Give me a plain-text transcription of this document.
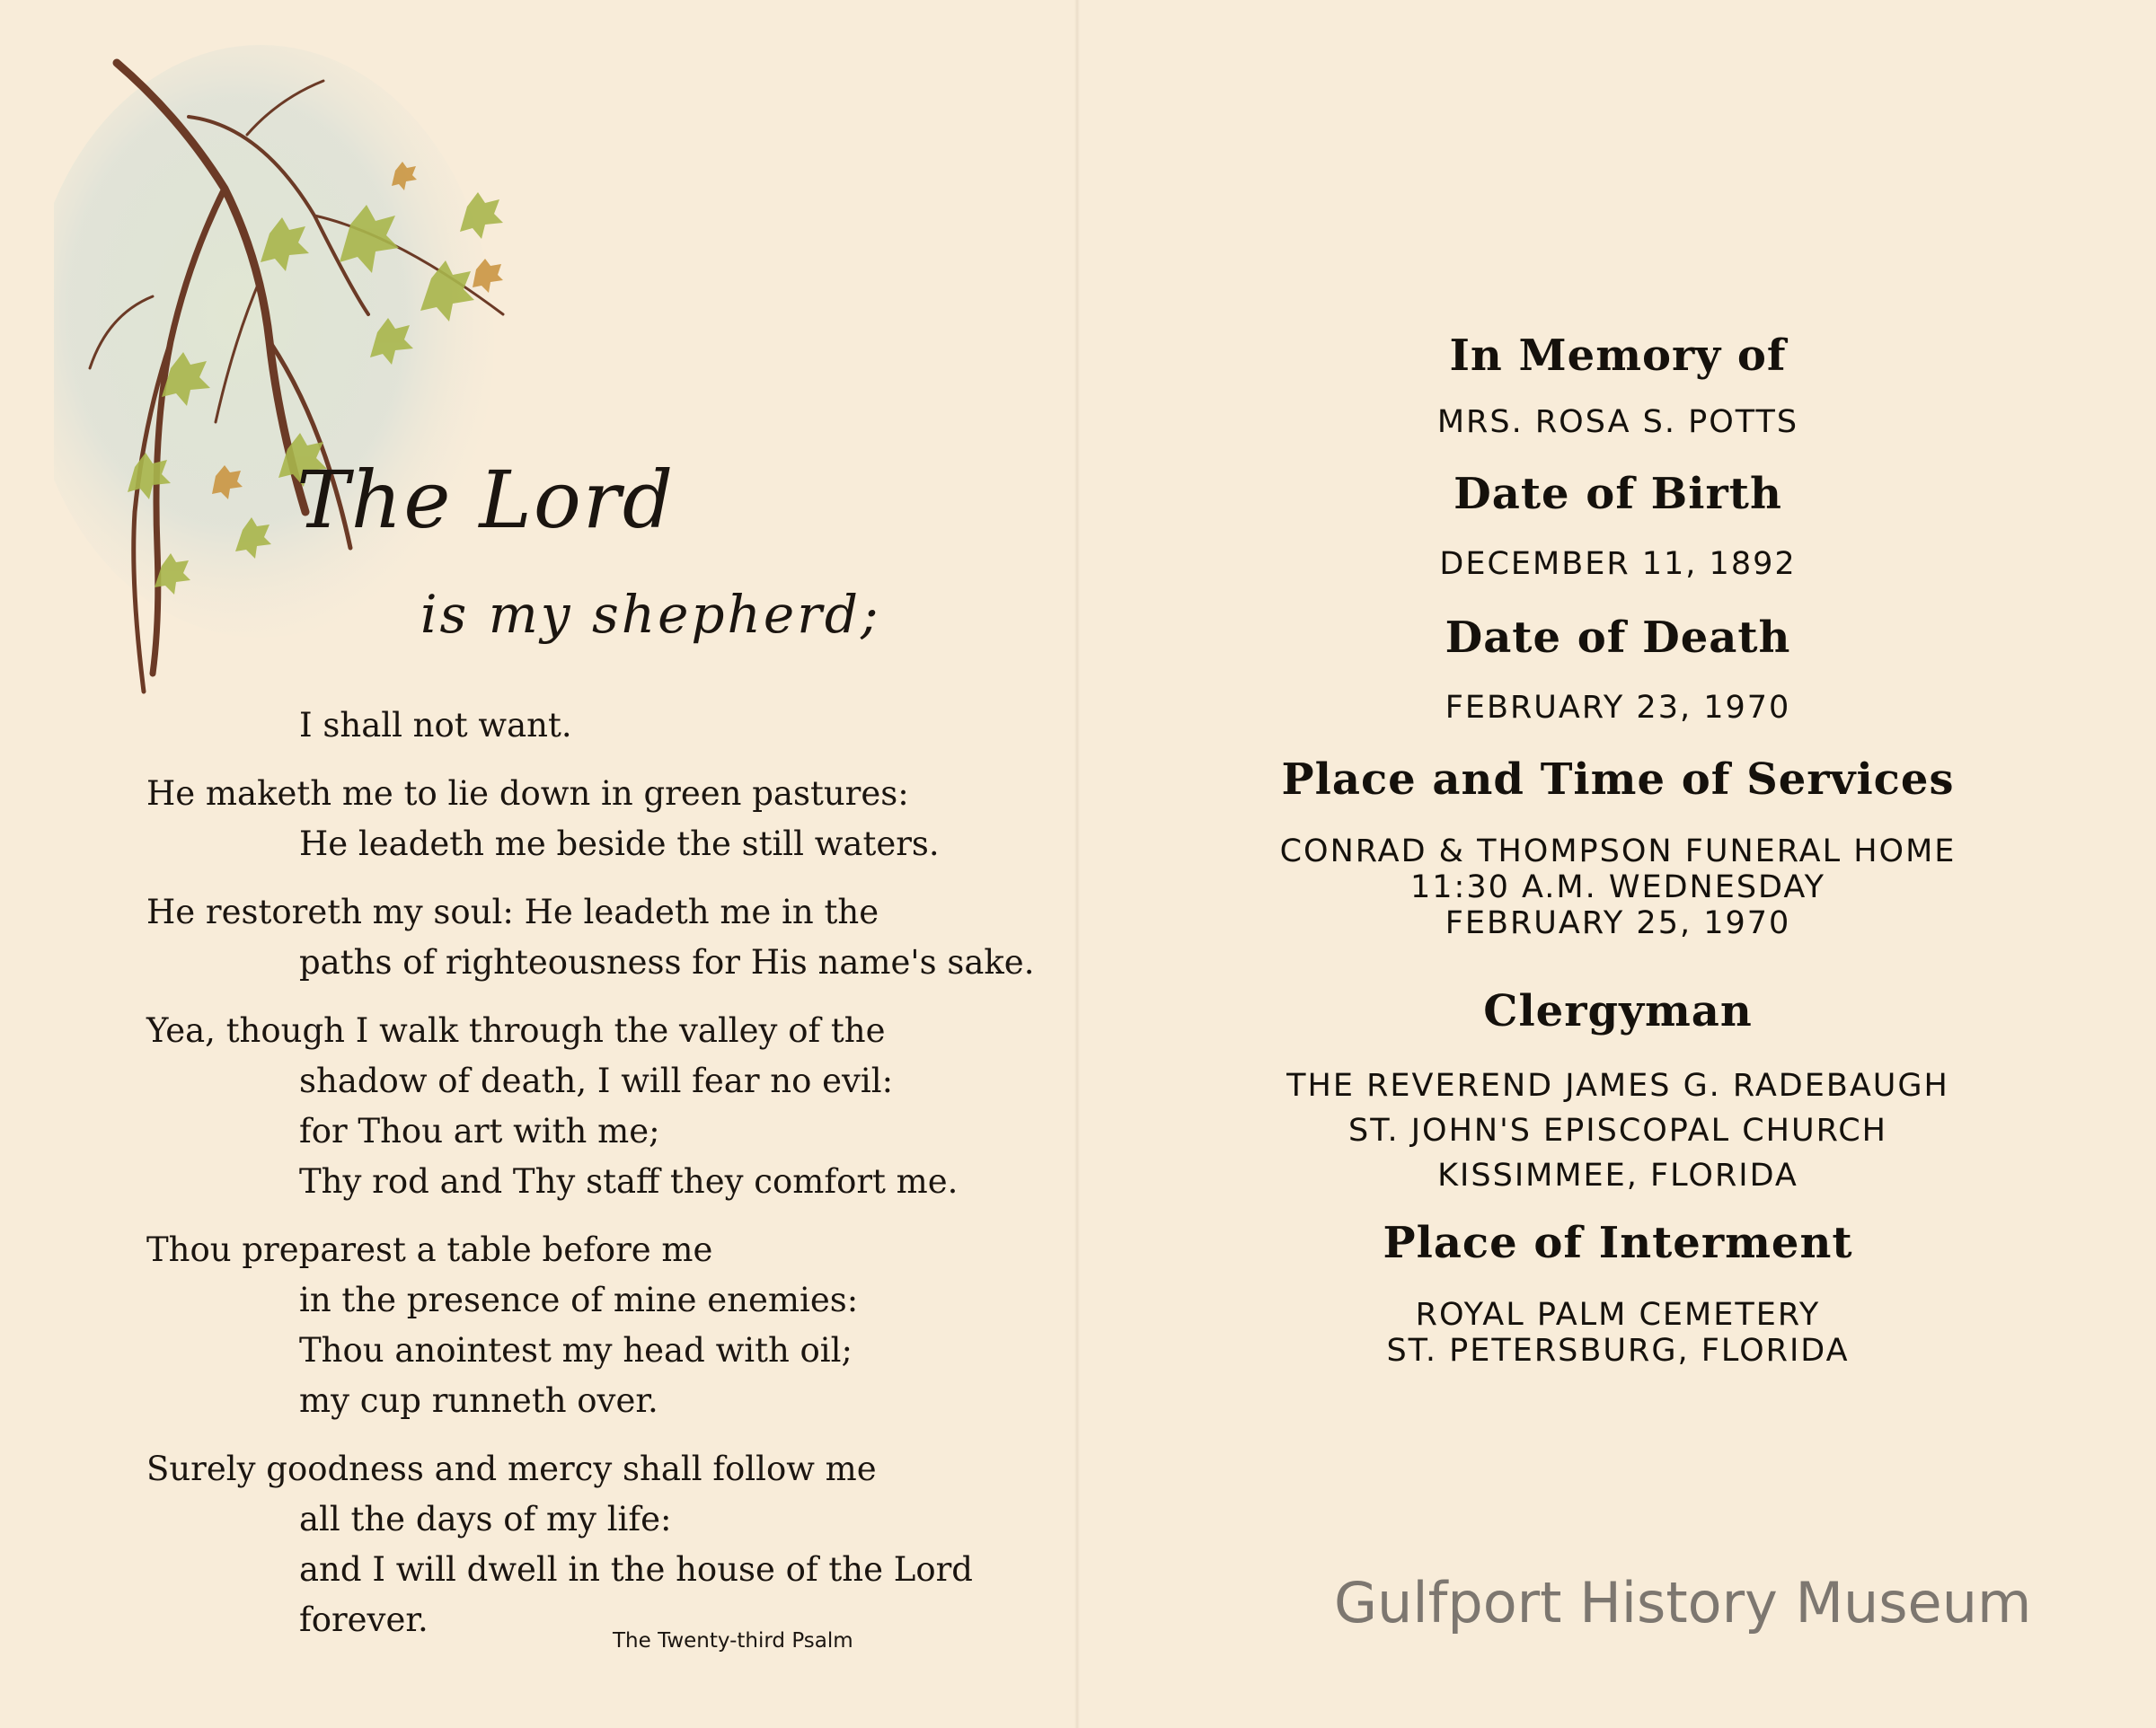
The Lord
is my shepherd;
I shall not want.
He maketh me to lie down in green pastures:
He leadeth me beside the still waters.
He restoreth my soul: He leadeth me in the
paths of righteousness for His name's sake.
Yea, though I walk through the valley of the
shadow of death, I will fear no evil:
for Thou art with me;
Thy rod and Thy staff they comfort me.
Thou preparest a table before me
in the presence of mine enemies:
Thou anointest my head with oil;
my cup runneth over.
Surely goodness and mercy shall follow me
all the days of my life:
and I will dwell in the house of the Lord
forever.
The Twenty-third Psalm
In Memory of
MRS. ROSA S. POTTS
Date of Birth
DECEMBER 11, 1892
Date of Death
FEBRUARY 23, 1970
Place and Time of Services
CONRAD & THOMPSON FUNERAL HOME
11:30 A.M. WEDNESDAY
FEBRUARY 25, 1970
Clergyman
THE REVEREND JAMES G. RADEBAUGH
ST. JOHN'S EPISCOPAL CHURCH
KISSIMMEE, FLORIDA
Place of Interment
ROYAL PALM CEMETERY
ST. PETERSBURG, FLORIDA
Gulfport History Museum
